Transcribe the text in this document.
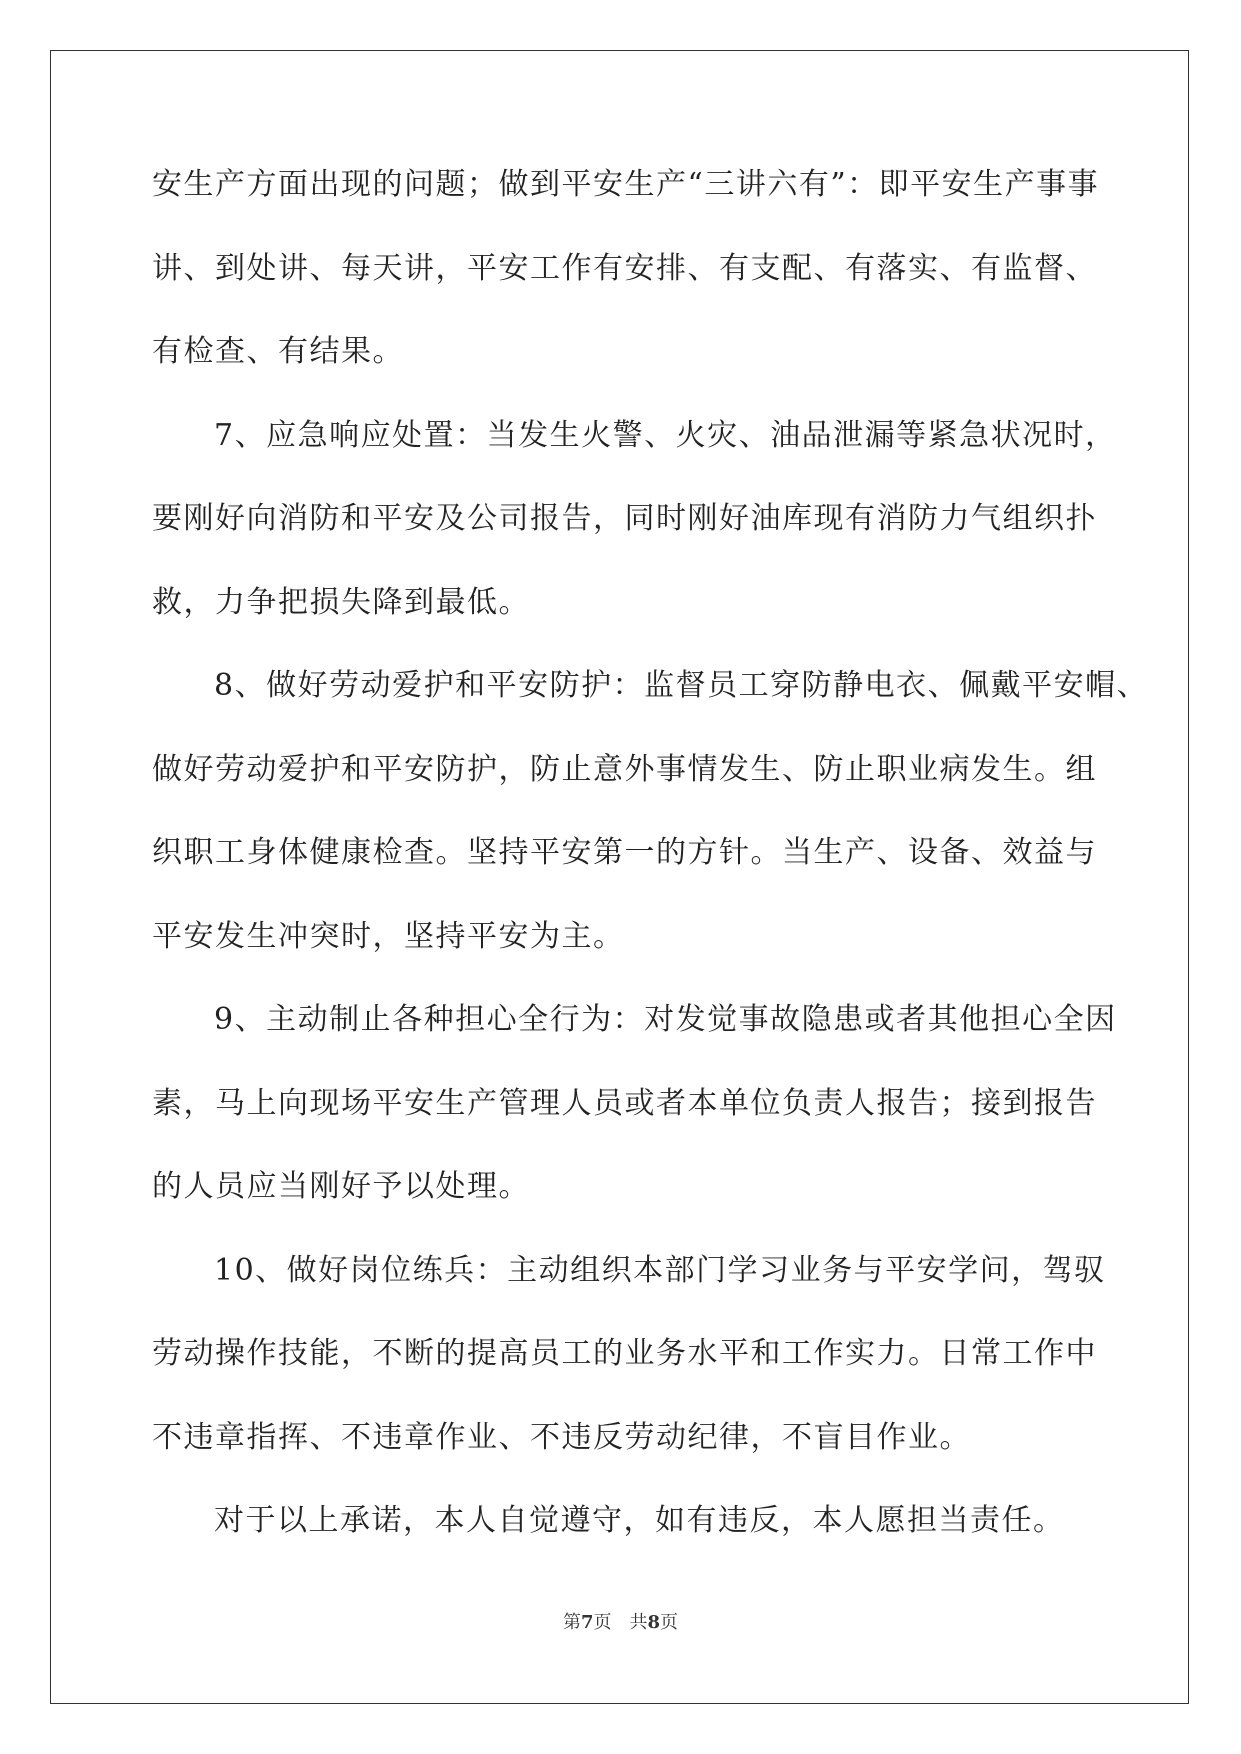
安生产方面出现的问题；做到平安生产“三讲六有”：即平安生产事事
讲、到处讲、每天讲，平安工作有安排、有支配、有落实、有监督、
有检查、有结果。
7、应急响应处置：当发生火警、火灾、油品泄漏等紧急状况时，
要刚好向消防和平安及公司报告，同时刚好油库现有消防力气组织扑
救，力争把损失降到最低。
8、做好劳动爱护和平安防护：监督员工穿防静电衣、佩戴平安帽、
做好劳动爱护和平安防护，防止意外事情发生、防止职业病发生。组
织职工身体健康检查。坚持平安第一的方针。当生产、设备、效益与
平安发生冲突时，坚持平安为主。
9、主动制止各种担心全行为：对发觉事故隐患或者其他担心全因
素，马上向现场平安生产管理人员或者本单位负责人报告；接到报告
的人员应当刚好予以处理。
10、做好岗位练兵：主动组织本部门学习业务与平安学问，驾驭
劳动操作技能，不断的提高员工的业务水平和工作实力。日常工作中
不违章指挥、不违章作业、不违反劳动纪律，不盲目作业。
对于以上承诺，本人自觉遵守，如有违反，本人愿担当责任。
第7页　共8页
